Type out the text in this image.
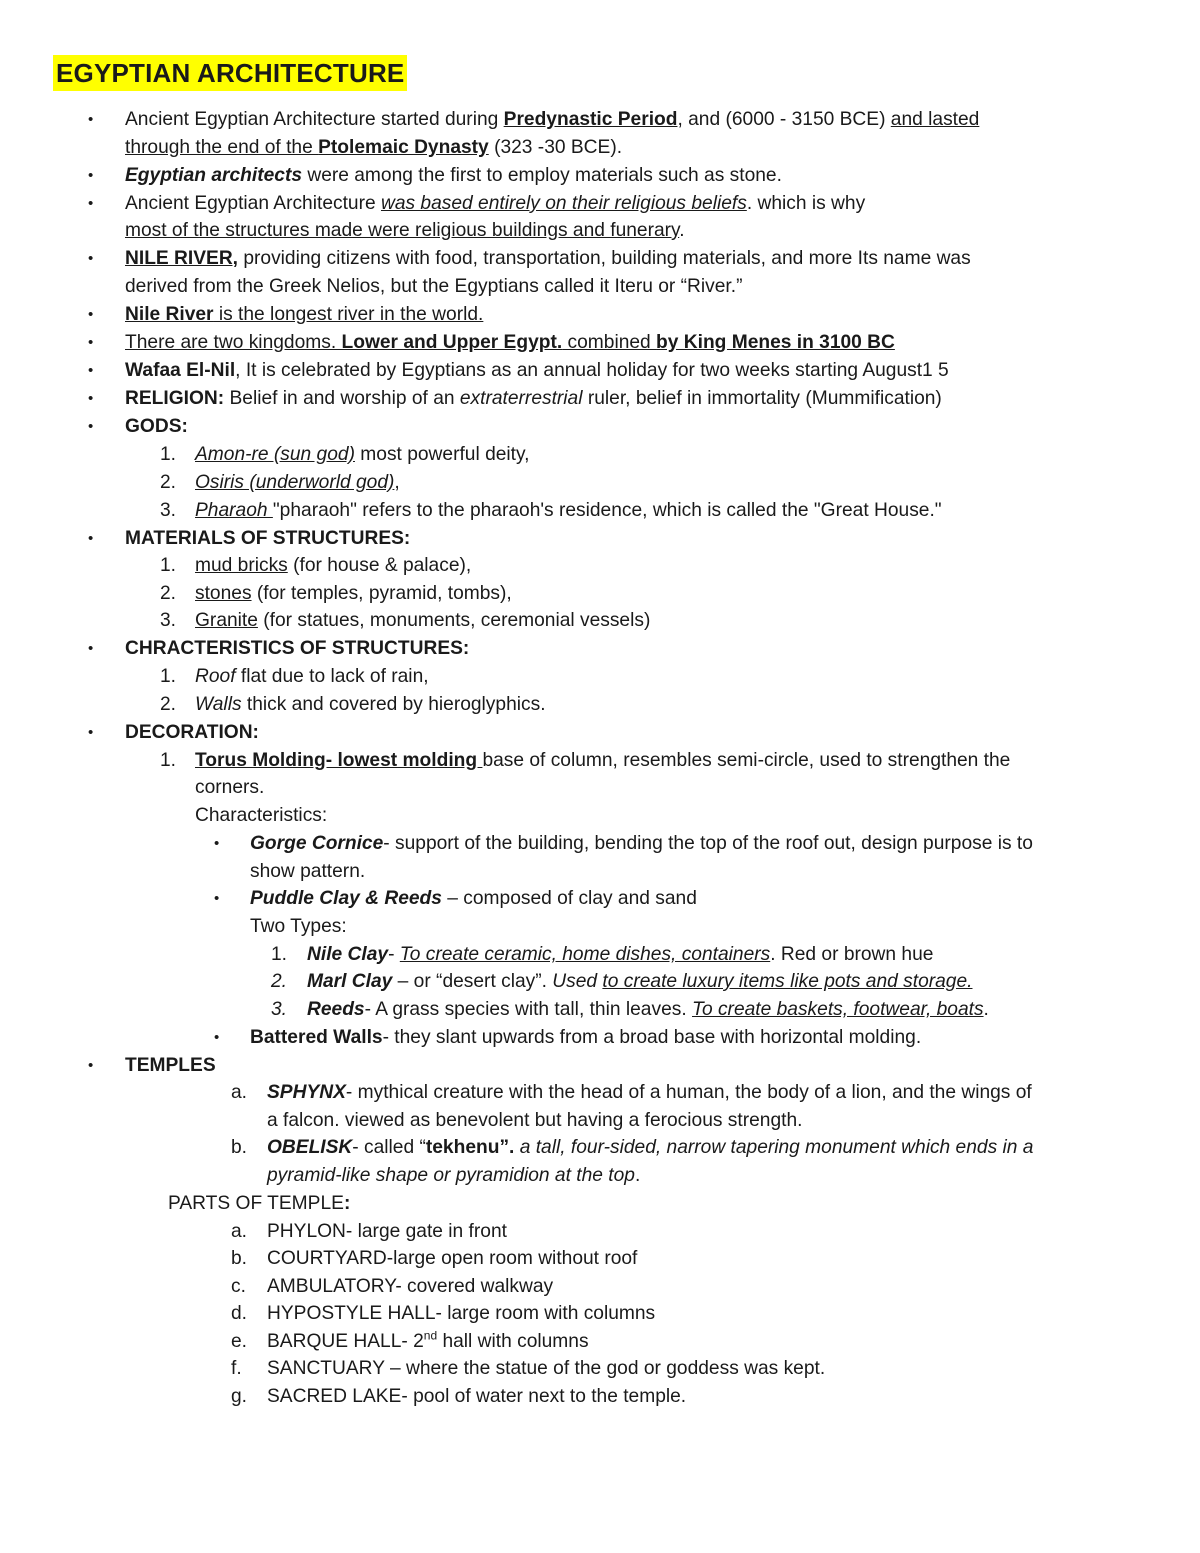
EGYPTIAN ARCHITECTURE
• Ancient Egyptian Architecture started during Predynastic Period, and (6000 - 3150 BCE) and lasted
through the end of the Ptolemaic Dynasty (323 -30 BCE).
• Egyptian architects were among the first to employ materials such as stone.
• Ancient Egyptian Architecture was based entirely on their religious beliefs. which is why
most of the structures made were religious buildings and funerary.
• NILE RIVER, providing citizens with food, transportation, building materials, and more Its name was
derived from the Greek Nelios, but the Egyptians called it Iteru or “River.”
• Nile River is the longest river in the world.
• There are two kingdoms. Lower and Upper Egypt. combined by King Menes in 3100 BC
• Wafaa El-Nil, It is celebrated by Egyptians as an annual holiday for two weeks starting August1 5
• RELIGION: Belief in and worship of an extraterrestrial ruler, belief in immortality (Mummification)
• GODS:
1. Amon-re (sun god) most powerful deity,
2. Osiris (underworld god),
3. Pharaoh "pharaoh" refers to the pharaoh's residence, which is called the "Great House."
• MATERIALS OF STRUCTURES:
1. mud bricks (for house & palace),
2. stones (for temples, pyramid, tombs),
3. Granite (for statues, monuments, ceremonial vessels)
• CHRACTERISTICS OF STRUCTURES:
1. Roof flat due to lack of rain,
2. Walls thick and covered by hieroglyphics.
• DECORATION:
1. Torus Molding- lowest molding base of column, resembles semi-circle, used to strengthen the
corners.
Characteristics:
• Gorge Cornice- support of the building, bending the top of the roof out, design purpose is to
show pattern.
• Puddle Clay & Reeds – composed of clay and sand
Two Types:
1. Nile Clay- To create ceramic, home dishes, containers. Red or brown hue
2. Marl Clay – or “desert clay”. Used to create luxury items like pots and storage.
3. Reeds- A grass species with tall, thin leaves. To create baskets, footwear, boats.
• Battered Walls- they slant upwards from a broad base with horizontal molding.
• TEMPLES
a. SPHYNX- mythical creature with the head of a human, the body of a lion, and the wings of
a falcon. viewed as benevolent but having a ferocious strength.
b. OBELISK- called “tekhenu”. a tall, four-sided, narrow tapering monument which ends in a
pyramid-like shape or pyramidion at the top.
PARTS OF TEMPLE:
a. PHYLON- large gate in front
b. COURTYARD-large open room without roof
c. AMBULATORY- covered walkway
d. HYPOSTYLE HALL- large room with columns
e. BARQUE HALL- 2nd hall with columns
f. SANCTUARY – where the statue of the god or goddess was kept.
g. SACRED LAKE- pool of water next to the temple.
